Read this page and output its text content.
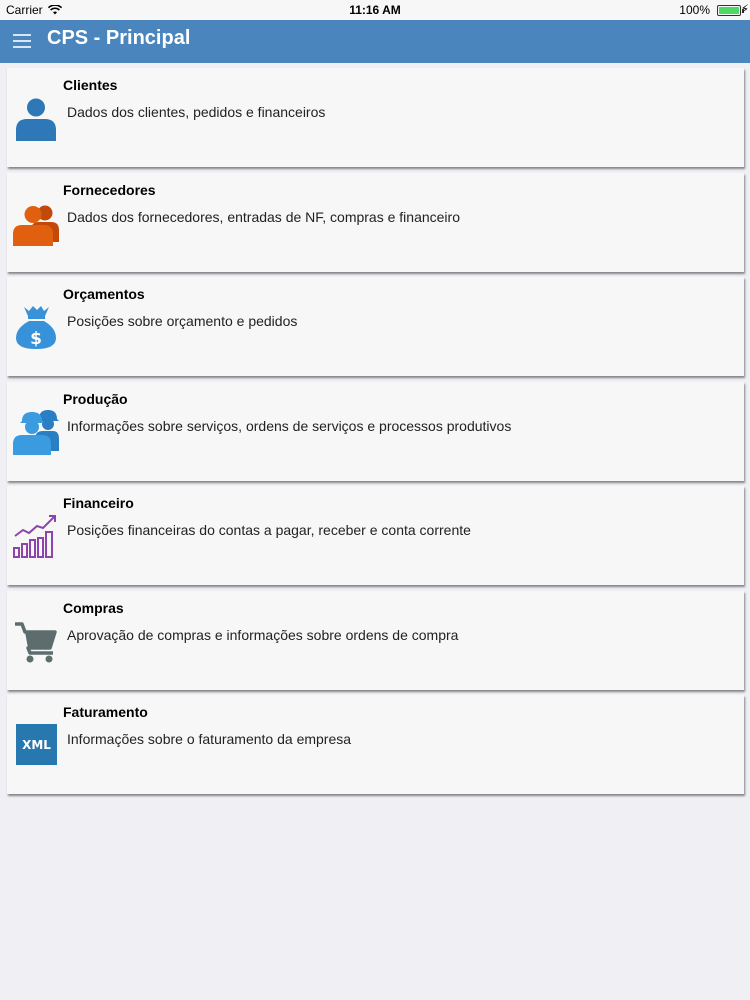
Carrier	11:16 AM	100%	⚡
CPS - Principal
Clientes
Dados dos clientes, pedidos e financeiros
Fornecedores
Dados dos fornecedores, entradas de NF, compras e financeiro
$
Orçamentos
Posições sobre orçamento e pedidos
Produção
Informações sobre serviços, ordens de serviços e processos produtivos
Financeiro
Posições financeiras do contas a pagar, receber e conta corrente
Compras
Aprovação de compras e informações sobre ordens de compra
XML
Faturamento
Informações sobre o faturamento da empresa
